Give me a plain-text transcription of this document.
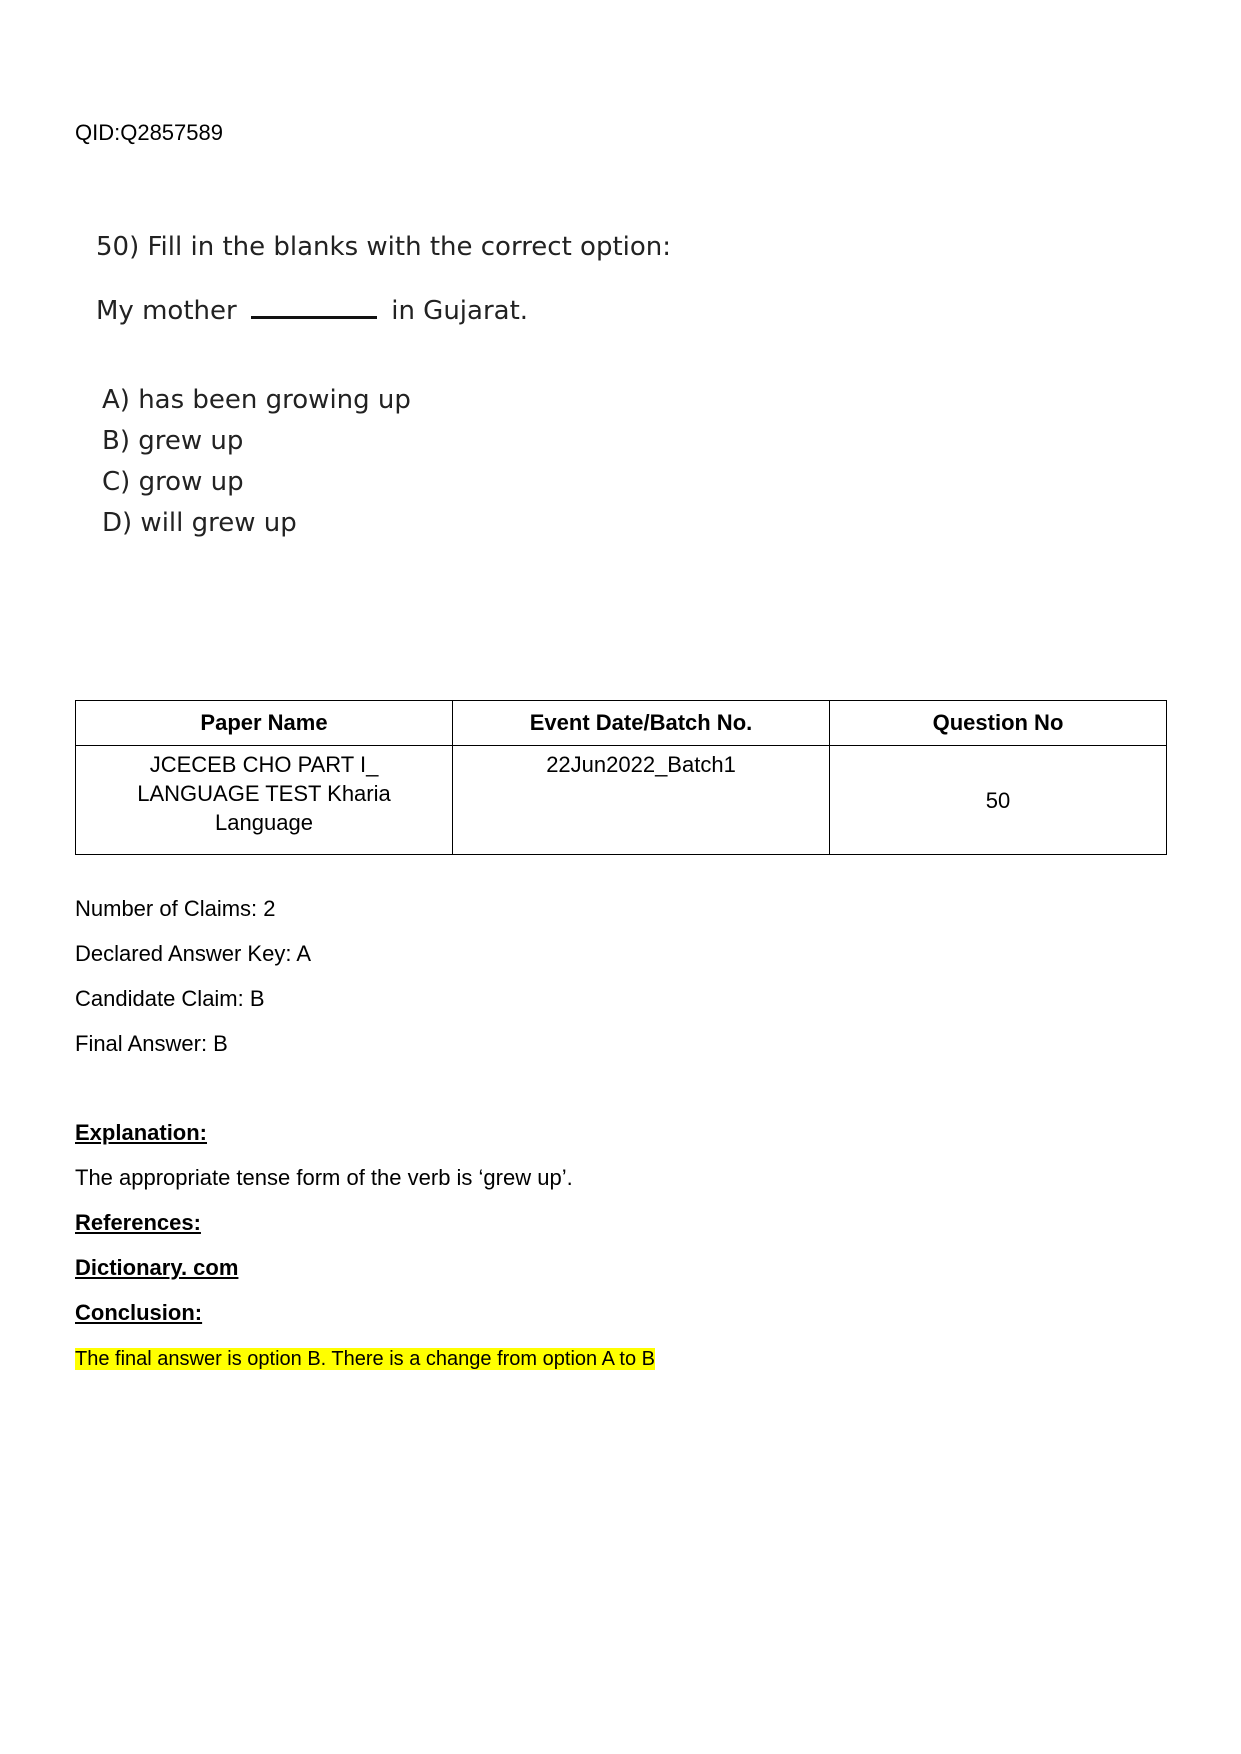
QID:Q2857589

50) Fill in the blanks with the correct option:

My mother	in Gujarat.

A) has been growing up
B) grew up
C) grow up
D) will grew up
Paper Name	Event Date/Batch No.	Question No
JCECEB CHO PART I_ LANGUAGE TEST Kharia Language	22Jun2022_Batch1	50

Number of Claims: 2

Declared Answer Key: A

Candidate Claim: B

Final Answer: B

Explanation:

The appropriate tense form of the verb is ‘grew up’.

References:

Dictionary. com

Conclusion:

The final answer is option B. There is a change from option A to B
